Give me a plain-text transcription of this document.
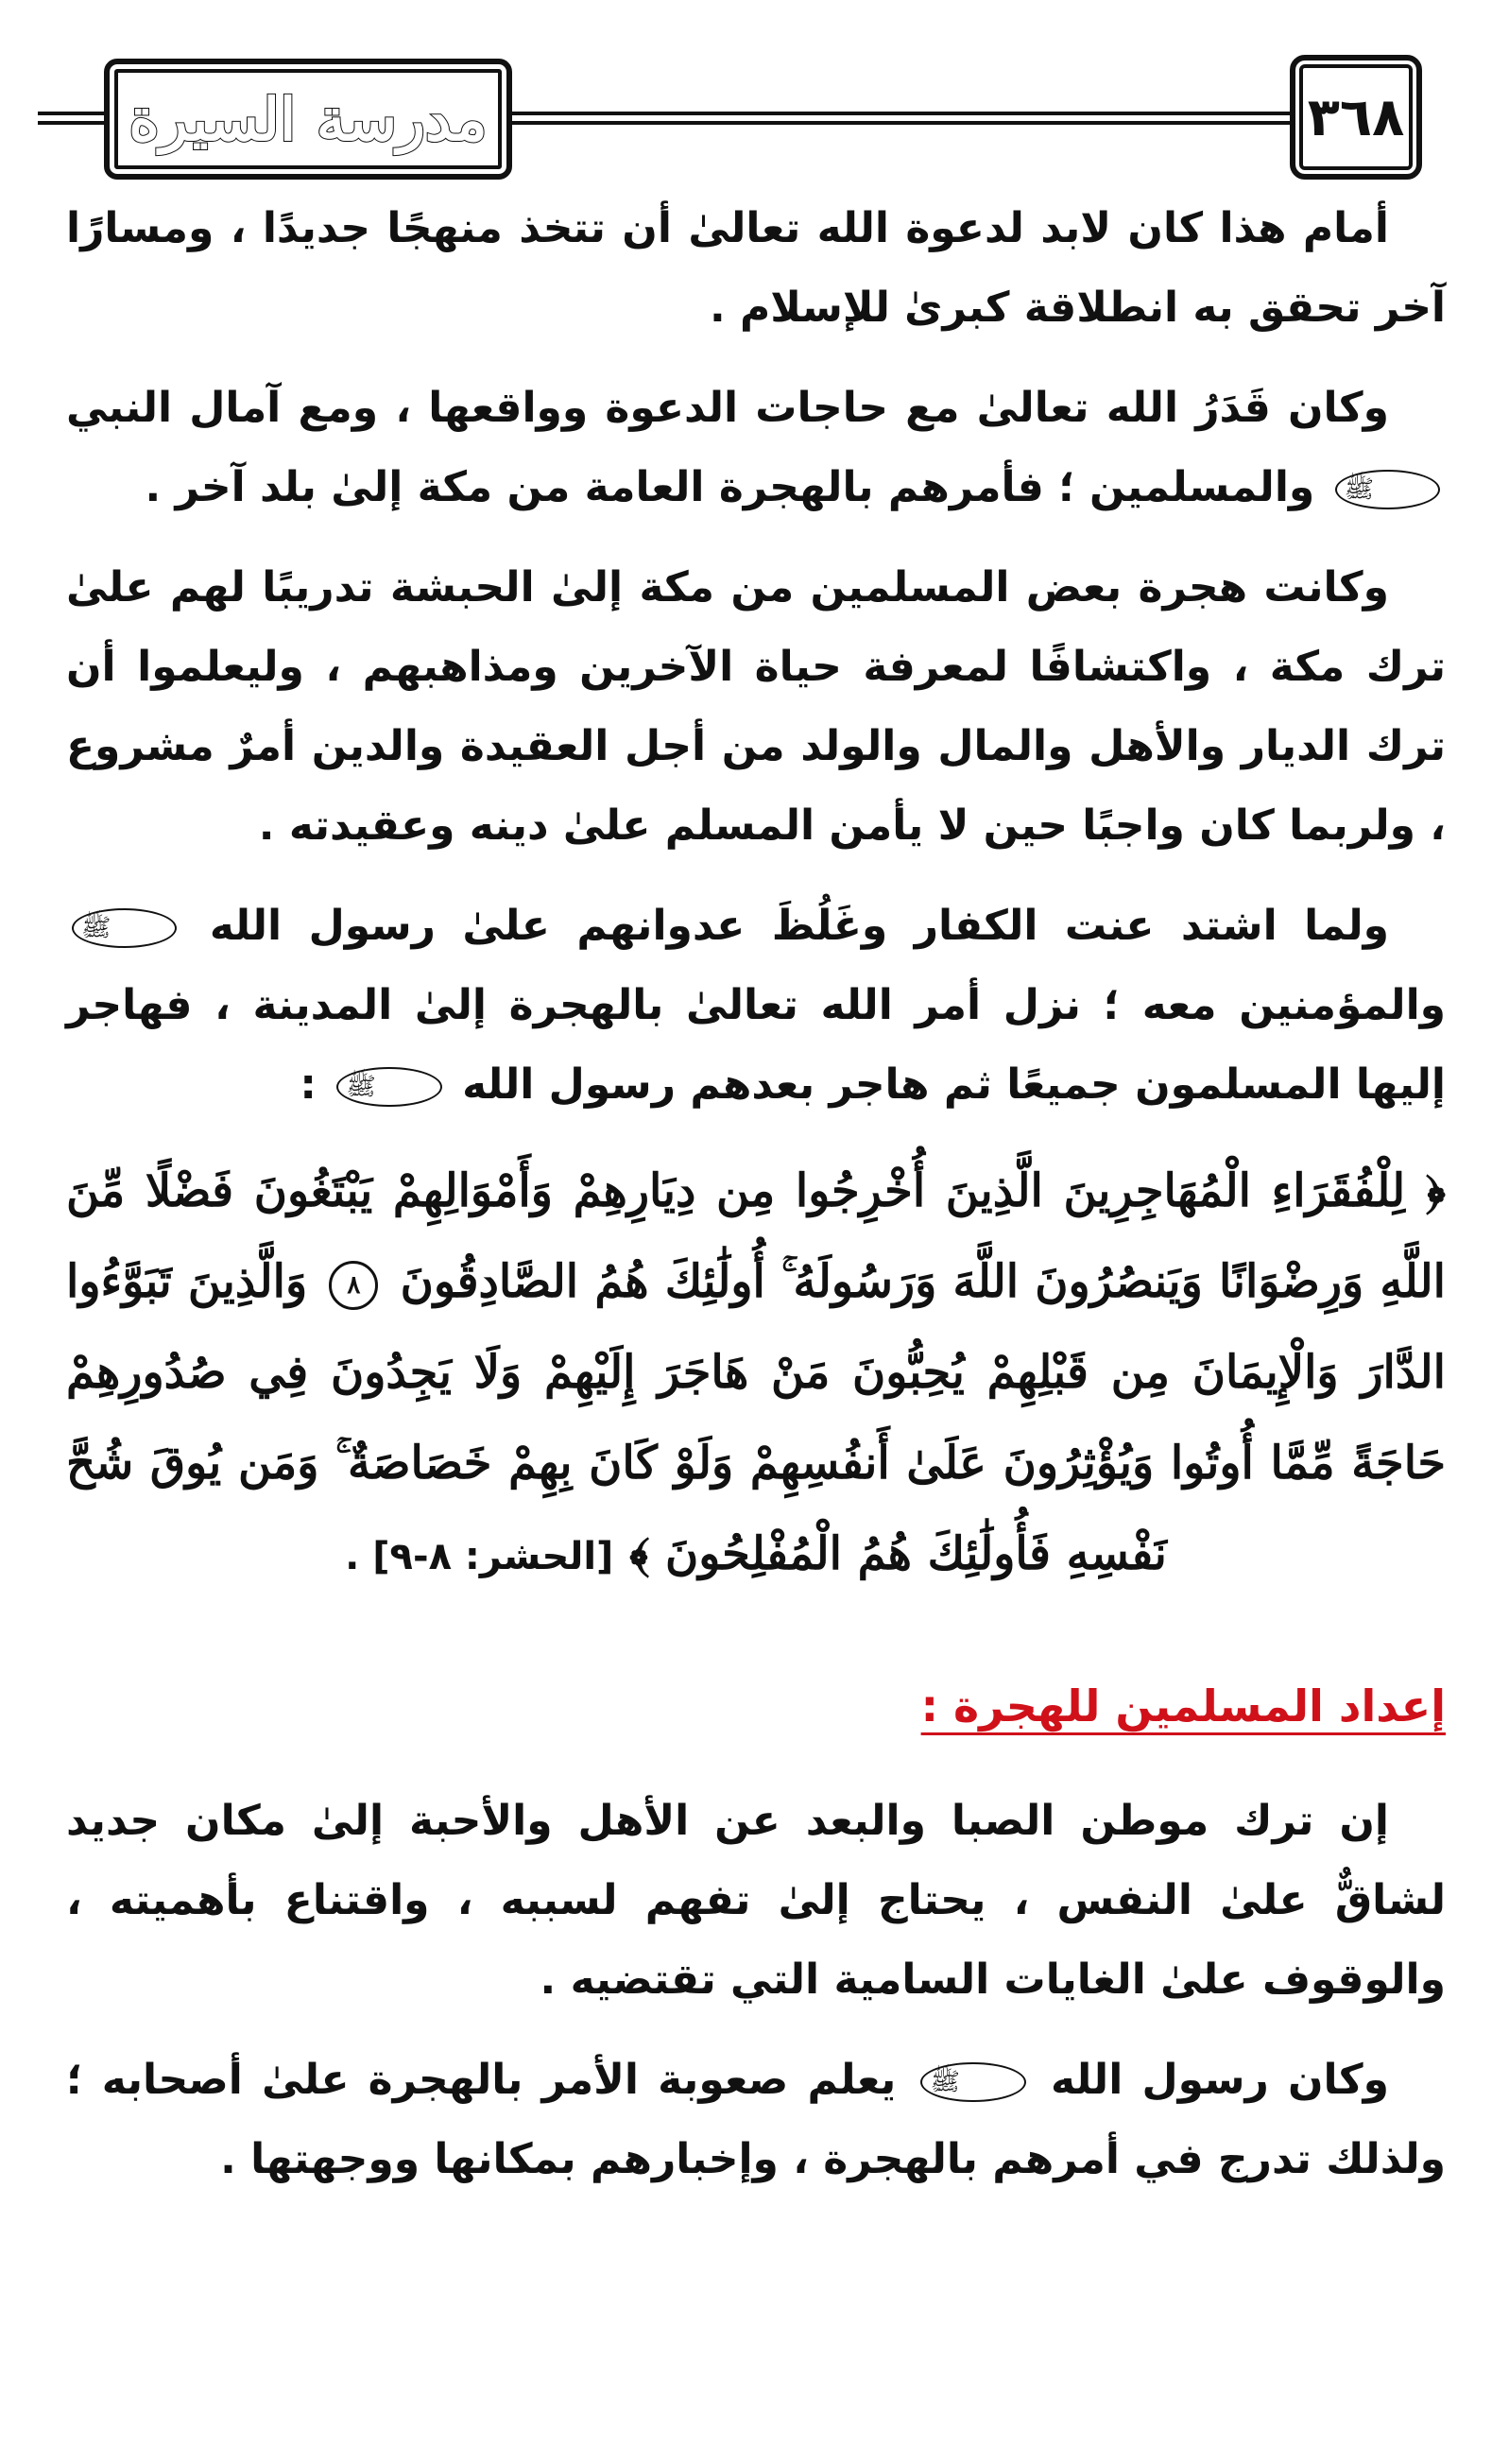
مدرسة السيرة	٣٦٨

أمام هذا كان لابد لدعوة الله تعالىٰ أن تتخذ منهجًا جديدًا ، ومسارًا آخر تحقق به انطلاقة كبرىٰ للإسلام .

وكان قَدَرُ الله تعالىٰ مع حاجات الدعوة وواقعها ، ومع آمال النبي ﷺ والمسلمين ؛ فأمرهم بالهجرة العامة من مكة إلىٰ بلد آخر .

وكانت هجرة بعض المسلمين من مكة إلىٰ الحبشة تدريبًا لهم علىٰ ترك مكة ، واكتشافًا لمعرفة حياة الآخرين ومذاهبهم ، وليعلموا أن ترك الديار والأهل والمال والولد من أجل العقيدة والدين أمرٌ مشروع ، ولربما كان واجبًا حين لا يأمن المسلم علىٰ دينه وعقيدته .

ولما اشتد عنت الكفار وغَلُظَ عدوانهم علىٰ رسول الله ﷺ والمؤمنين معه ؛ نزل أمر الله تعالىٰ بالهجرة إلىٰ المدينة ، فهاجر إليها المسلمون جميعًا ثم هاجر بعدهم رسول الله ﷺ :

﴿ لِلْفُقَرَاءِ الْمُهَاجِرِينَ الَّذِينَ أُخْرِجُوا مِن دِيَارِهِمْ وَأَمْوَالِهِمْ يَبْتَغُونَ فَضْلًا مِّنَ اللَّهِ وَرِضْوَانًا وَيَنصُرُونَ اللَّهَ وَرَسُولَهُ ۚ أُولَٰئِكَ هُمُ الصَّادِقُونَ ٨ وَالَّذِينَ تَبَوَّءُوا الدَّارَ وَالْإِيمَانَ مِن قَبْلِهِمْ يُحِبُّونَ مَنْ هَاجَرَ إِلَيْهِمْ وَلَا يَجِدُونَ فِي صُدُورِهِمْ حَاجَةً مِّمَّا أُوتُوا وَيُؤْثِرُونَ عَلَىٰ أَنفُسِهِمْ وَلَوْ كَانَ بِهِمْ خَصَاصَةٌ ۚ وَمَن يُوقَ شُحَّ نَفْسِهِ فَأُولَٰئِكَ هُمُ الْمُفْلِحُونَ ﴾ [الحشر: ٨-٩] .

إعداد المسلمين للهجرة :

إن ترك موطن الصبا والبعد عن الأهل والأحبة إلىٰ مكان جديد لشاقٌّ علىٰ النفس ، يحتاج إلىٰ تفهم لسببه ، واقتناع بأهميته ، والوقوف علىٰ الغايات السامية التي تقتضيه .

وكان رسول الله ﷺ يعلم صعوبة الأمر بالهجرة علىٰ أصحابه ؛ ولذلك تدرج في أمرهم بالهجرة ، وإخبارهم بمكانها ووجهتها .
